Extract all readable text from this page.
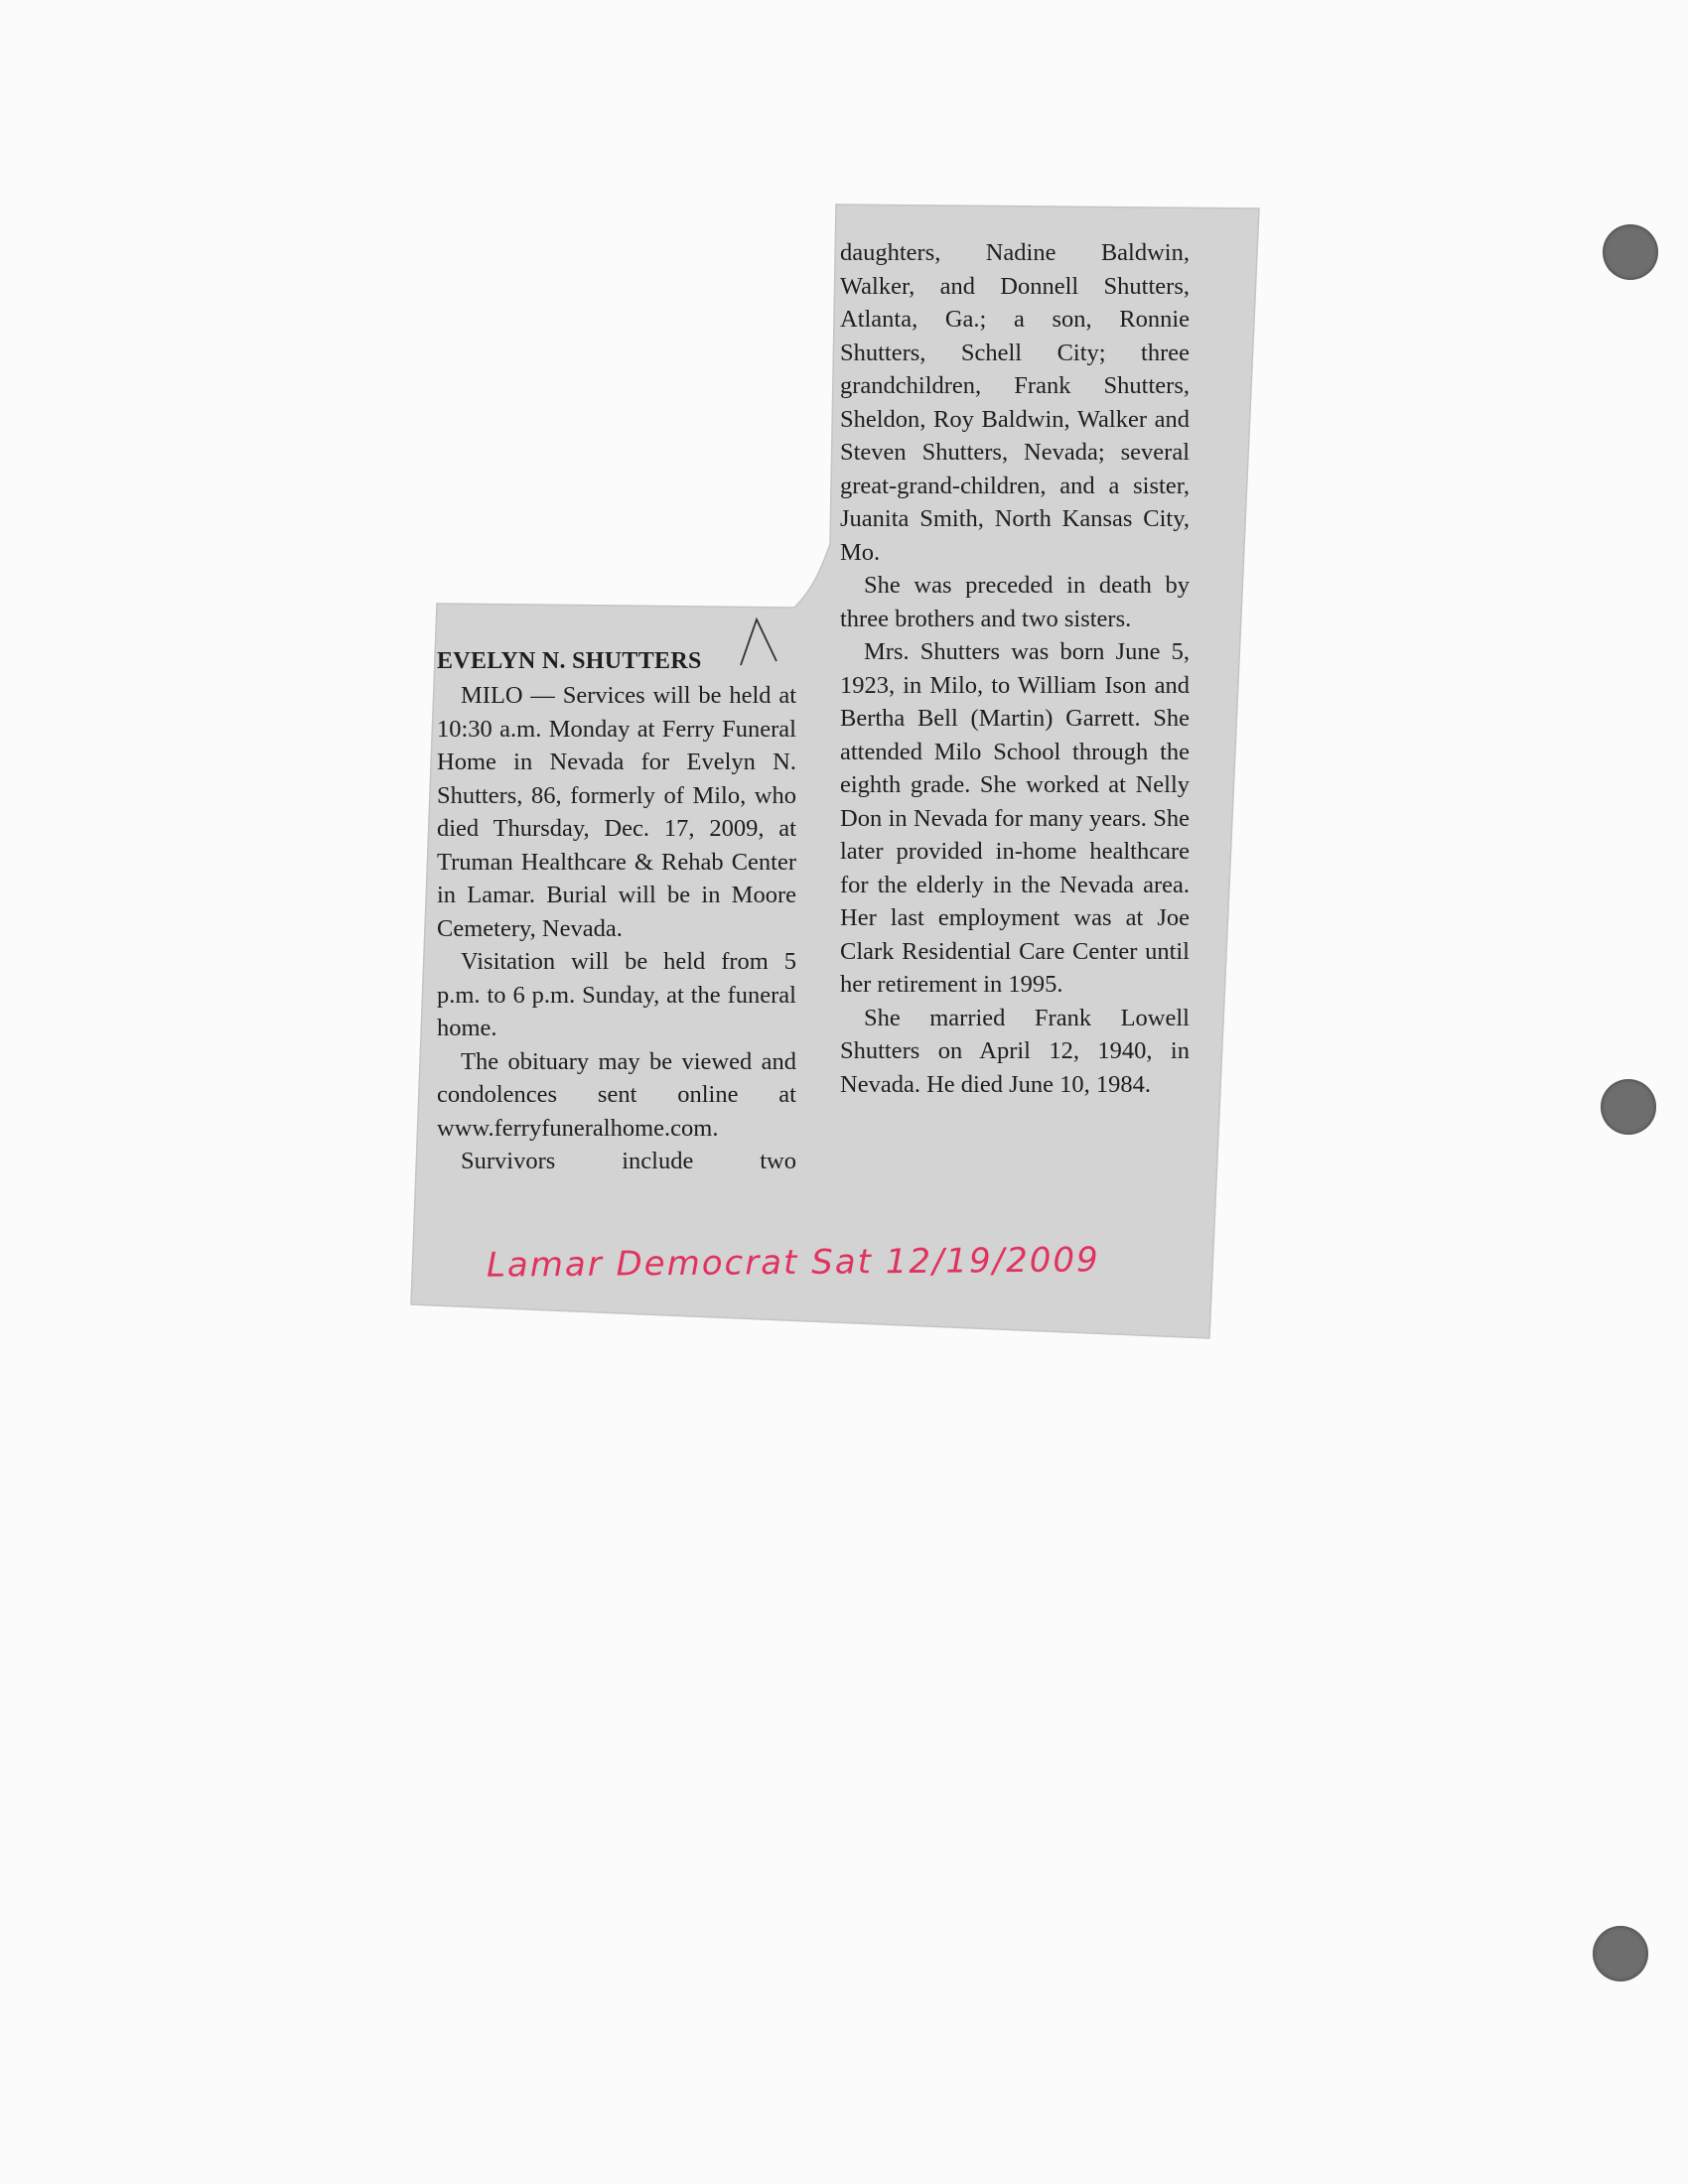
EVELYN N. SHUTTERS

MILO — Services will be held at 10:30 a.m. Monday at Ferry Funeral Home in Nevada for Evelyn N. Shutters, 86, formerly of Milo, who died Thursday, Dec. 17, 2009, at Truman Healthcare & Rehab Center in Lamar. Burial will be in Moore Cemetery, Nevada.

Visitation will be held from 5 p.m. to 6 p.m. Sunday, at the funeral home.

The obituary may be viewed and condolences sent online at www.ferryfuneralhome.com.

Survivors include two

daughters, Nadine Baldwin, Walker, and Donnell Shutters, Atlanta, Ga.; a son, Ronnie Shutters, Schell City; three grandchildren, Frank Shutters, Sheldon, Roy Baldwin, Walker and Steven Shutters, Nevada; several great-grand-children, and a sister, Juanita Smith, North Kansas City, Mo.

She was preceded in death by three brothers and two sisters.

Mrs. Shutters was born June 5, 1923, in Milo, to William Ison and Bertha Bell (Martin) Garrett. She attended Milo School through the eighth grade. She worked at Nelly Don in Nevada for many years. She later provided in-home healthcare for the elderly in the Nevada area. Her last employment was at Joe Clark Residential Care Center until her retirement in 1995.

She married Frank Lowell Shutters on April 12, 1940, in Nevada. He died June 10, 1984.

Lamar Democrat Sat 12/19/2009
